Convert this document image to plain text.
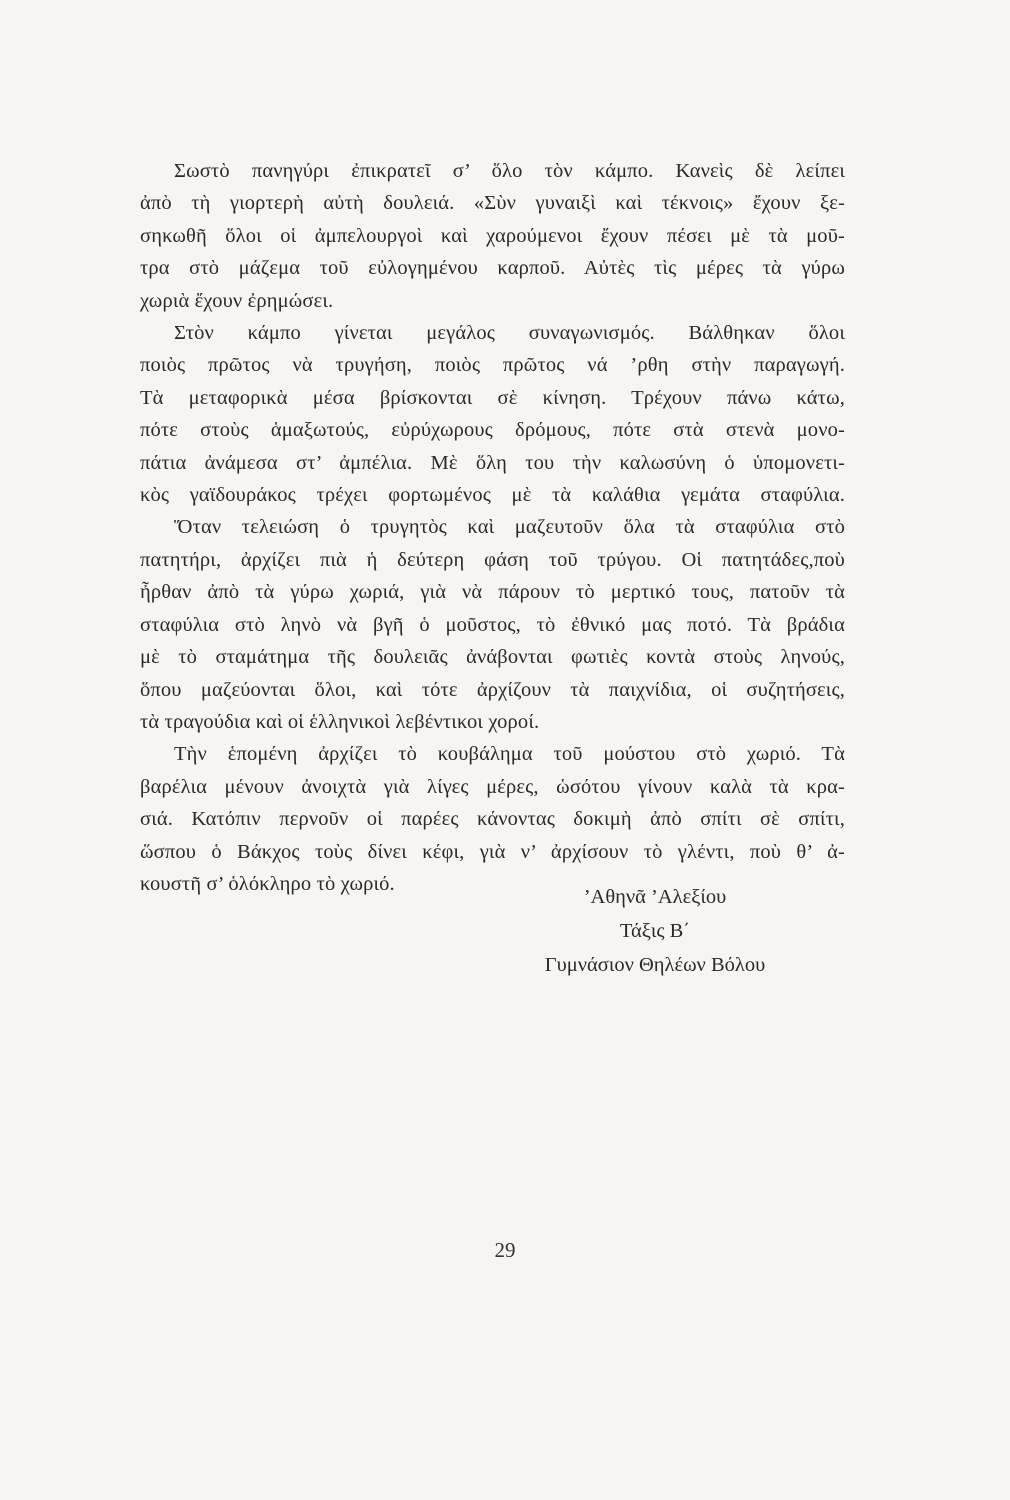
Σωστὸ πανηγύρι ἐπικρατεῖ σ’ ὅλο τὸν κάμπο. Κανεὶς δὲ λείπει
ἀπὸ τὴ γιορτερὴ αὐτὴ δουλειά. «Σὺν γυναιξὶ καὶ τέκνοις» ἔχουν ξε-
σηκωθῆ ὅλοι οἱ ἀμπελουργοὶ καὶ χαρούμενοι ἔχουν πέσει μὲ τὰ μοῦ-
τρα στὸ μάζεμα τοῦ εὐλογημένου καρποῦ. Αὐτὲς τὶς μέρες τὰ γύρω
χωριὰ ἔχουν ἐρημώσει.
Στὸν κάμπο γίνεται μεγάλος συναγωνισμός. Βάλθηκαν ὅλοι
ποιὸς πρῶτος νὰ τρυγήση, ποιὸς πρῶτος νά ’ρθη στὴν παραγωγή.
Τὰ μεταφορικὰ μέσα βρίσκονται σὲ κίνηση. Τρέχουν πάνω κάτω,
πότε στοὺς ἁμαξωτούς, εὐρύχωρους δρόμους, πότε στὰ στενὰ μονο-
πάτια ἀνάμεσα στ’ ἀμπέλια. Μὲ ὅλη του τὴν καλωσύνη ὁ ὑπομονετι-
κὸς γαϊδουράκος τρέχει φορτωμένος μὲ τὰ καλάθια γεμάτα σταφύλια.
Ὅταν τελειώση ὁ τρυγητὸς καὶ μαζευτοῦν ὅλα τὰ σταφύλια στὸ
πατητήρι, ἀρχίζει πιὰ ἡ δεύτερη φάση τοῦ τρύγου. Οἱ πατητάδες,ποὺ
ἦρθαν ἀπὸ τὰ γύρω χωριά, γιὰ νὰ πάρουν τὸ μερτικό τους, πατοῦν τὰ
σταφύλια στὸ ληνὸ νὰ βγῆ ὁ μοῦστος, τὸ ἐθνικό μας ποτό. Τὰ βράδια
μὲ τὸ σταμάτημα τῆς δουλειᾶς ἀνάβονται φωτιὲς κοντὰ στοὺς ληνούς,
ὅπου μαζεύονται ὅλοι, καὶ τότε ἀρχίζουν τὰ παιχνίδια, οἱ συζητήσεις,
τὰ τραγούδια καὶ οἱ ἑλληνικοὶ λεβέντικοι χοροί.
Τὴν ἑπομένη ἀρχίζει τὸ κουβάλημα τοῦ μούστου στὸ χωριό. Τὰ
βαρέλια μένουν ἀνοιχτὰ γιὰ λίγες μέρες, ὡσότου γίνουν καλὰ τὰ κρα-
σιά. Κατόπιν περνοῦν οἱ παρέες κάνοντας δοκιμὴ ἀπὸ σπίτι σὲ σπίτι,
ὥσπου ὁ Βάκχος τοὺς δίνει κέφι, γιὰ ν’ ἀρχίσουν τὸ γλέντι, ποὺ θ’ ἀ-
κουστῆ σ’ ὁλόκληρο τὸ χωριό.
’Αθηνᾶ ’Αλεξίου
Τάξις Β΄
Γυμνάσιον Θηλέων Βόλου
29
